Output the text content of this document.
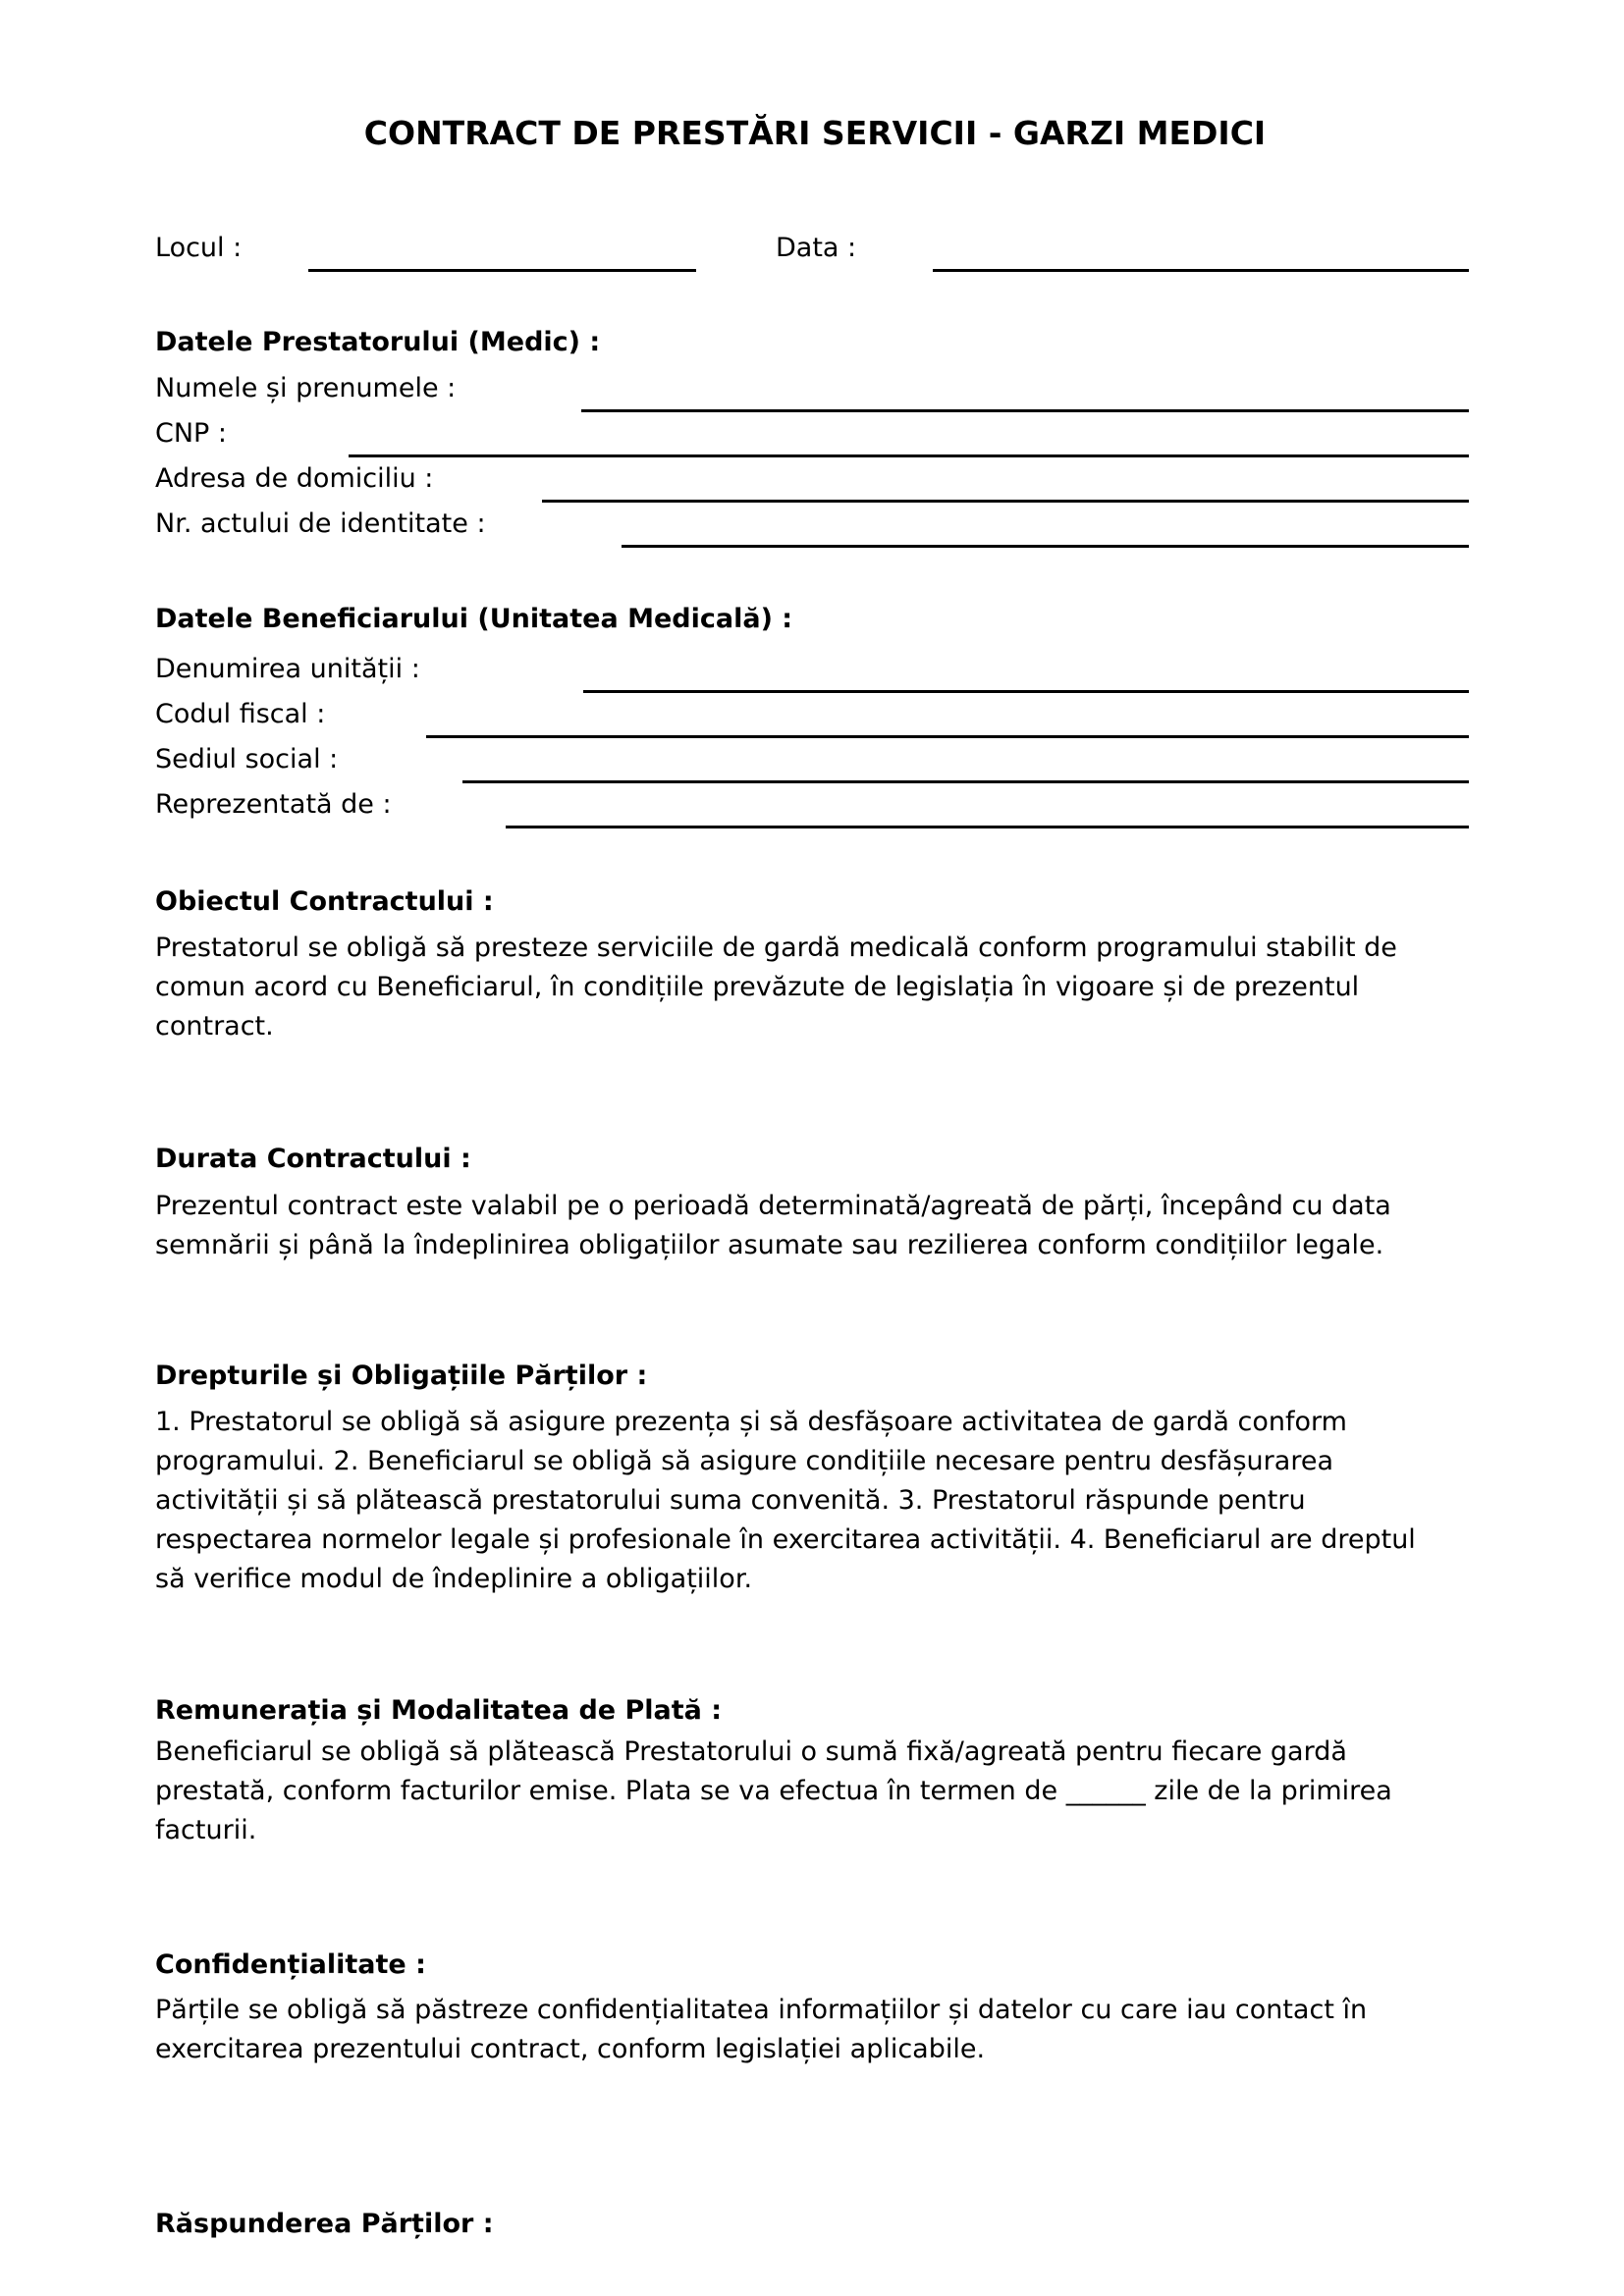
CONTRACT DE PRESTĂRI SERVICII - GARZI MEDICI
Locul :	Data :
Datele Prestatorului (Medic) :
Numele și prenumele :
CNP :
Adresa de domiciliu :
Nr. actului de identitate :
Datele Beneficiarului (Unitatea Medicală) :
Denumirea unității :
Codul fiscal :
Sediul social :
Reprezentată de :
Obiectul Contractului :

Prestatorul se obligă să presteze serviciile de gardă medicală conform programului stabilit de comun acord cu Beneficiarul, în condițiile prevăzute de legislația în vigoare și de prezentul contract.

Durata Contractului :

Prezentul contract este valabil pe o perioadă determinată/agreată de părți, începând cu data semnării și până la îndeplinirea obligațiilor asumate sau rezilierea conform condițiilor legale.

Drepturile și Obligațiile Părților :

1. Prestatorul se obligă să asigure prezența și să desfășoare activitatea de gardă conform programului. 2. Beneficiarul se obligă să asigure condițiile necesare pentru desfășurarea activității și să plătească prestatorului suma convenită. 3. Prestatorul răspunde pentru respectarea normelor legale și profesionale în exercitarea activității. 4. Beneficiarul are dreptul să verifice modul de îndeplinire a obligațiilor.

Remunerația și Modalitatea de Plată :

Beneficiarul se obligă să plătească Prestatorului o sumă fixă/agreată pentru fiecare gardă prestată, conform facturilor emise. Plata se va efectua în termen de ______ zile de la primirea facturii.

Confidențialitate :

Părțile se obligă să păstreze confidențialitatea informațiilor și datelor cu care iau contact în exercitarea prezentului contract, conform legislației aplicabile.

Răspunderea Părților :
